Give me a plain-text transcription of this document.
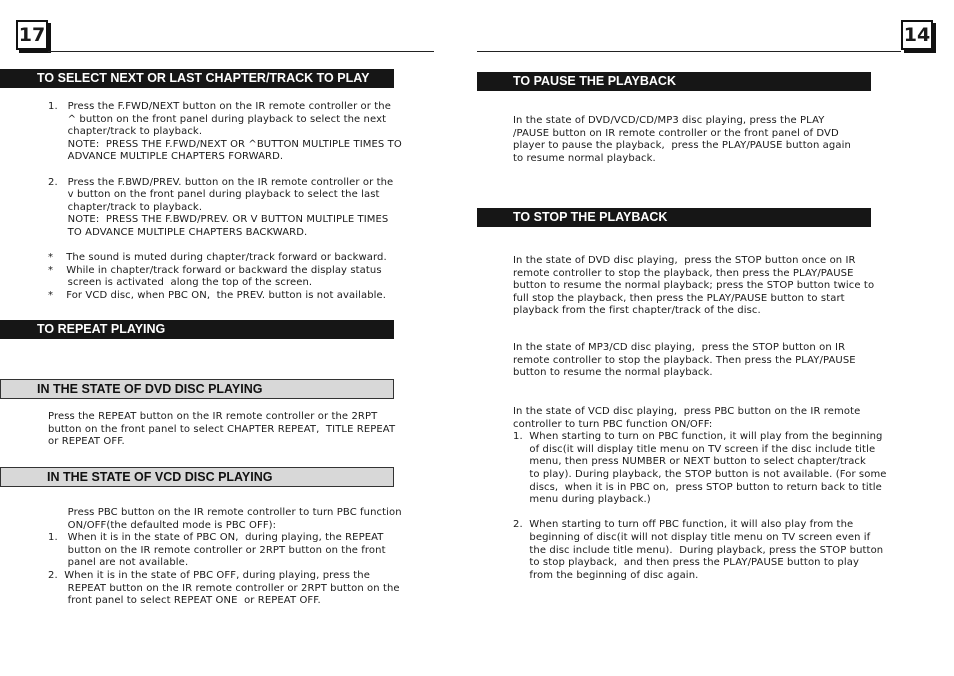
17
TO SELECT NEXT OR LAST CHAPTER/TRACK TO PLAY
1.   Press the F.FWD/NEXT button on the IR remote controller or the
^ button on the front panel during playback to select the next
chapter/track to playback.
NOTE:  PRESS THE F.FWD/NEXT OR ^BUTTON MULTIPLE TIMES TO
ADVANCE MULTIPLE CHAPTERS FORWARD.

2.   Press the F.BWD/PREV. button on the IR remote controller or the
v button on the front panel during playback to select the last
chapter/track to playback.
NOTE:  PRESS THE F.BWD/PREV. OR V BUTTON MULTIPLE TIMES
TO ADVANCE MULTIPLE CHAPTERS BACKWARD.

*    The sound is muted during chapter/track forward or backward.
*    While in chapter/track forward or backward the display status
screen is activated  along the top of the screen.
*    For VCD disc, when PBC ON,  the PREV. button is not available.
TO REPEAT PLAYING
IN THE STATE OF DVD DISC PLAYING
Press the REPEAT button on the IR remote controller or the 2RPT
button on the front panel to select CHAPTER REPEAT,  TITLE REPEAT
or REPEAT OFF.
IN THE STATE OF VCD DISC PLAYING
Press PBC button on the IR remote controller to turn PBC function
ON/OFF(the defaulted mode is PBC OFF):
1.   When it is in the state of PBC ON,  during playing, the REPEAT
button on the IR remote controller or 2RPT button on the front
panel are not available.
2.  When it is in the state of PBC OFF, during playing, press the
REPEAT button on the IR remote controller or 2RPT button on the
front panel to select REPEAT ONE  or REPEAT OFF.
14
TO PAUSE THE PLAYBACK
In the state of DVD/VCD/CD/MP3 disc playing, press the PLAY
/PAUSE button on IR remote controller or the front panel of DVD
player to pause the playback,  press the PLAY/PAUSE button again
to resume normal playback.
TO STOP THE PLAYBACK
In the state of DVD disc playing,  press the STOP button once on IR
remote controller to stop the playback, then press the PLAY/PAUSE
button to resume the normal playback; press the STOP button twice to
full stop the playback, then press the PLAY/PAUSE button to start
playback from the first chapter/track of the disc.
In the state of MP3/CD disc playing,  press the STOP button on IR
remote controller to stop the playback. Then press the PLAY/PAUSE
button to resume the normal playback.
In the state of VCD disc playing,  press PBC button on the IR remote
controller to turn PBC function ON/OFF:
1.  When starting to turn on PBC function, it will play from the beginning
of disc(it will display title menu on TV screen if the disc include title
menu, then press NUMBER or NEXT button to select chapter/track
to play). During playback, the STOP button is not available. (For some
discs,  when it is in PBC on,  press STOP button to return back to title
menu during playback.)

2.  When starting to turn off PBC function, it will also play from the
beginning of disc(it will not display title menu on TV screen even if
the disc include title menu).  During playback, press the STOP button
to stop playback,  and then press the PLAY/PAUSE button to play
from the beginning of disc again.
